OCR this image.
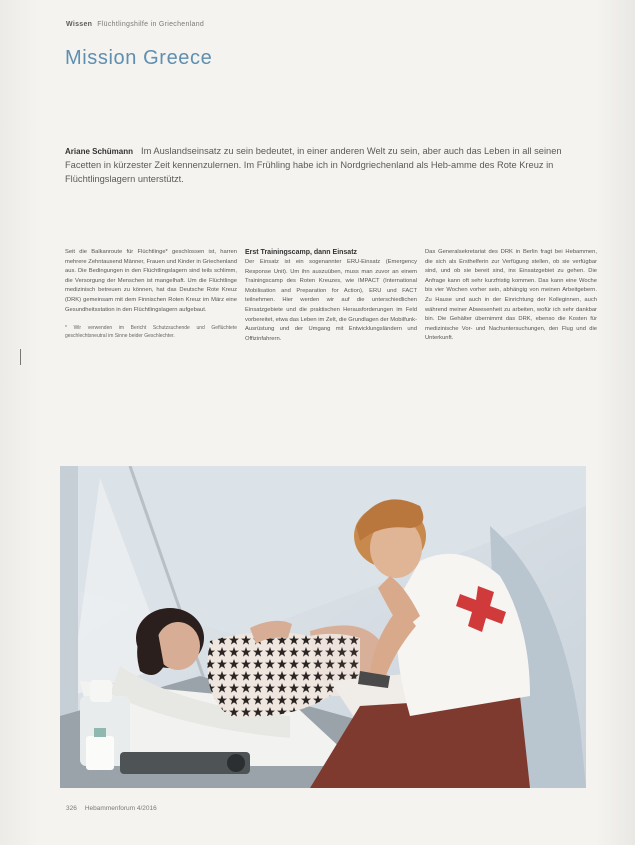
Wissen Flüchtlingshilfe in Griechenland
Mission Greece
Ariane Schümann Im Auslandseinsatz zu sein bedeutet, in einer anderen Welt zu sein, aber auch das Leben in all seinen Facetten in kürzester Zeit kennenzulernen. Im Frühling habe ich in Nordgriechenland als Heb-amme des Rote Kreuz in Flüchtlingslagern unterstützt.
Seit die Balkanroute für Flüchtlinge* geschlossen ist, harren mehrere Zehntausend Männer, Frauen und Kinder in Griechenland aus. Die Bedingungen in den Flüchtlingslagern sind teils schlimm, die Versorgung der Menschen ist mangelhaft. Um die Flüchtlinge medizinisch betreuen zu können, hat das Deutsche Rote Kreuz (DRK) gemeinsam mit dem Finnischen Roten Kreuz im März eine Gesundheitsstation in den Flüchtlingslagern aufgebaut.
* Wir verwenden im Bericht Schutzsuchende und Geflüchtete geschlechtsneutral im Sinne beider Geschlechter.
Erst Trainingscamp, dann Einsatz
Der Einsatz ist ein sogenannter ERU-Einsatz (Emergency Response Unit). Um ihn auszuüben, muss man zuvor an einem Trainingscamp des Roten Kreuzes, wie IMPACT (International Mobilisation and Preparation for Action), ERU und FACT teilnehmen. Hier werden wir auf die unterschiedlichen Einsatzgebiete und die praktischen Herausforderungen im Feld vorbereitet, etwa das Leben im Zelt, die Grundlagen der Mobilfunk-Ausrüstung und der Umgang mit Entwicklungsländern und Offizinfahrern.
Das Generalsekretariat des DRK in Berlin fragt bei Hebammen, die sich als Ersthelferin zur Verfügung stellen, ob sie verfügbar sind, und ob sie bereit sind, ins Einsatzgebiet zu gehen. Die Anfrage kann oft sehr kurzfristig kommen. Das kann eine Woche bis vier Wochen vorher sein, abhängig von meinen Arbeitgebern. Zu Hause und auch in der Einrichtung der Kolleginnen, auch während meiner Abwesenheit zu arbeiten, wofür ich sehr dankbar bin. Die Gehälter übernimmt das DRK, ebenso die Kosten für medizinische Vor- und Nachuntersuchungen, den Flug und die Unterkunft.
326 Hebammenforum 4/2016
